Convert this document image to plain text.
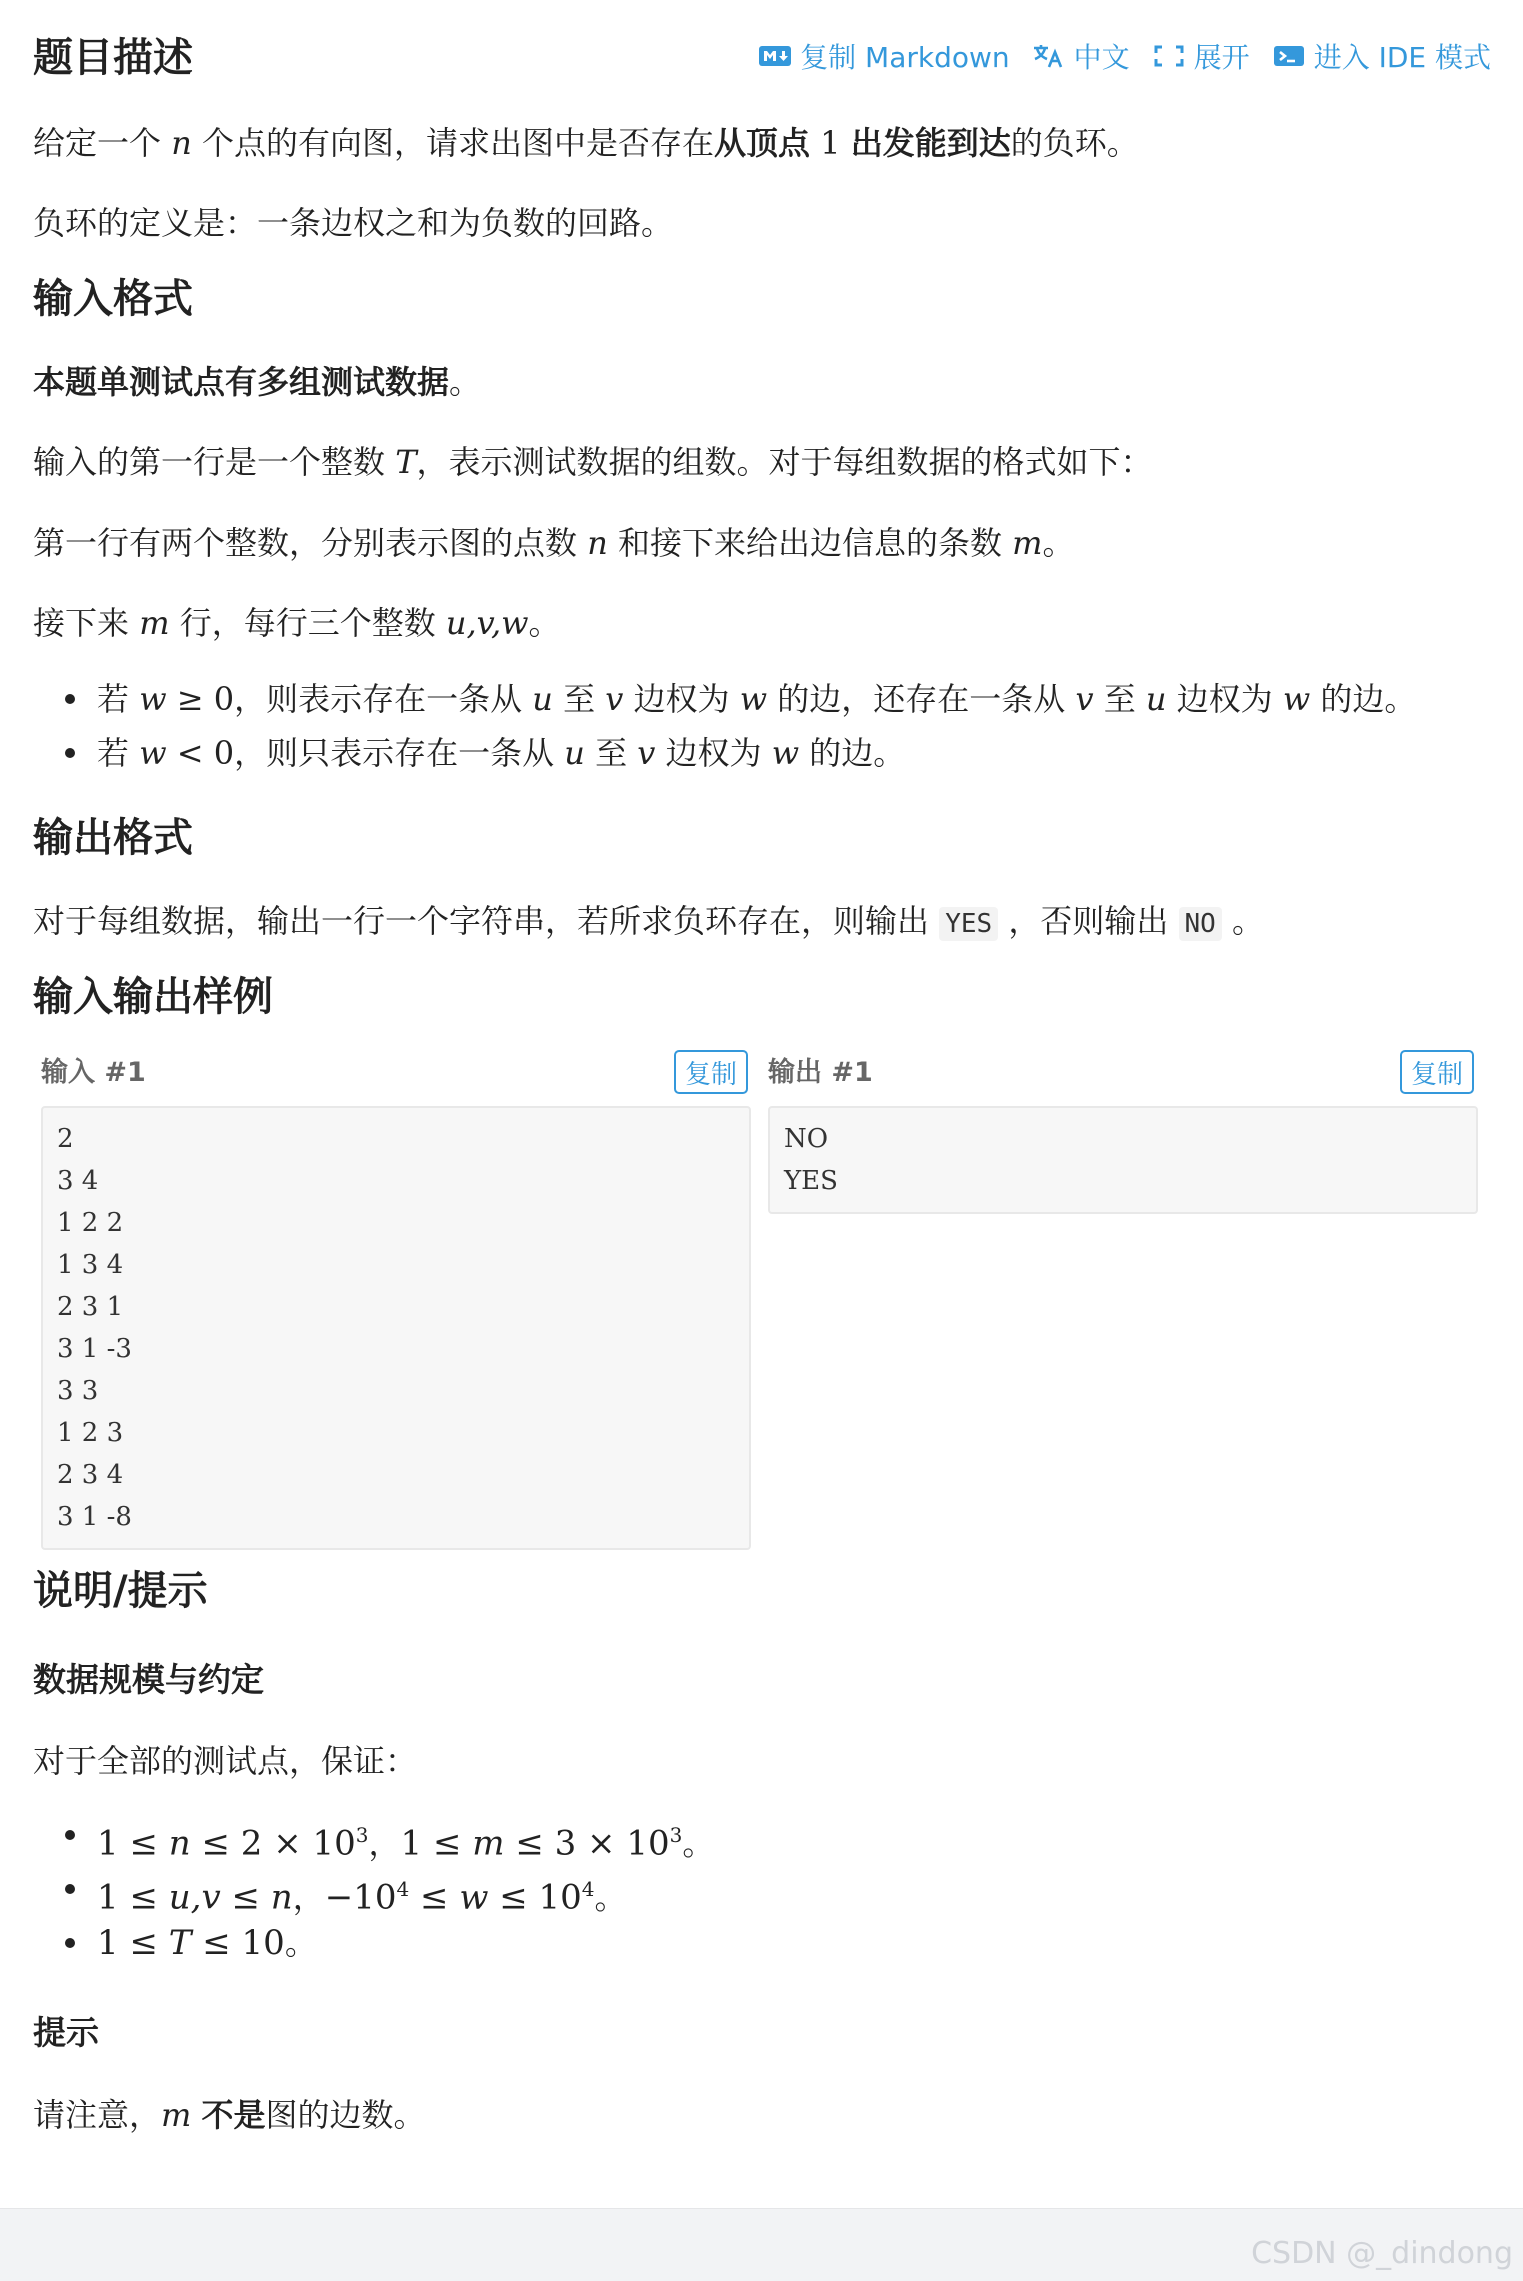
复制 Markdown 中文 展开 进入 IDE 模式
题目描述
给定一个 n 个点的有向图，请求出图中是否存在从顶点 1 出发能到达的负环。
负环的定义是：一条边权之和为负数的回路。
输入格式
本题单测试点有多组测试数据。
输入的第一行是一个整数 T，表示测试数据的组数。对于每组数据的格式如下：
第一行有两个整数，分别表示图的点数 n 和接下来给出边信息的条数 m。
接下来 m 行，每行三个整数 u,v,w。
若 w ≥ 0，则表示存在一条从 u 至 v 边权为 w 的边，还存在一条从 v 至 u 边权为 w 的边。
若 w < 0，则只表示存在一条从 u 至 v 边权为 w 的边。
输出格式
对于每组数据，输出一行一个字符串，若所求负环存在，则输出 YES ，否则输出 NO 。
输入输出样例
输入 #1	复制
2
3 4
1 2 2
1 3 4
2 3 1
3 1 -3
3 3
1 2 3
2 3 4
3 1 -8
输出 #1	复制
NO
YES
说明/提示
数据规模与约定
对于全部的测试点，保证：
$1 \le n \le 2 \times 10^3$，$1 \le m \le 3 \times 10^3$。
1 ≤ u,v ≤ n，$-10^4 \le w \le 10^4$。
1 ≤ T ≤ 10。
提示
请注意，m 不是图的边数。
CSDN @_dindong
